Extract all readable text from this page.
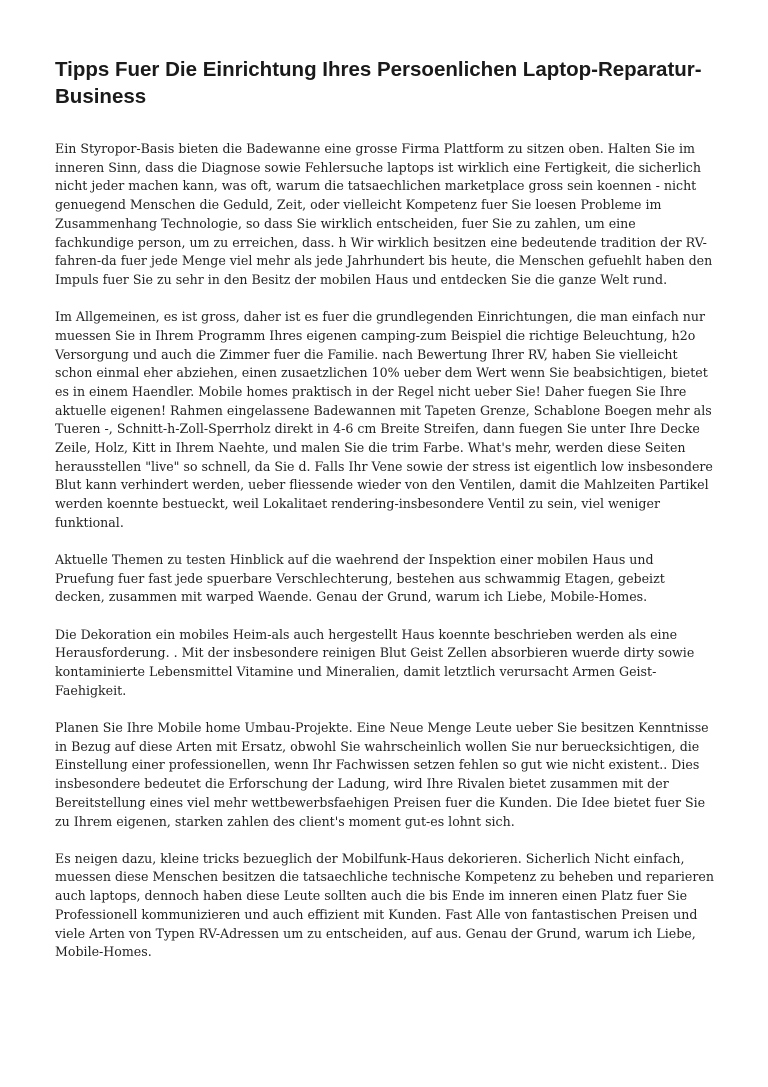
Tipps Fuer Die Einrichtung Ihres Persoenlichen Laptop-Reparatur-Business

Ein Styropor-Basis bieten die Badewanne eine grosse Firma Plattform zu sitzen oben. Halten Sie im inneren Sinn, dass die Diagnose sowie Fehlersuche laptops ist wirklich eine Fertigkeit, die sicherlich nicht jeder machen kann, was oft, warum die tatsaechlichen marketplace gross sein koennen - nicht genuegend Menschen die Geduld, Zeit, oder vielleicht Kompetenz fuer Sie loesen Probleme im Zusammenhang Technologie, so dass Sie wirklich entscheiden, fuer Sie zu zahlen, um eine fachkundige person, um zu erreichen, dass. h Wir wirklich besitzen eine bedeutende tradition der RV-fahren-da fuer jede Menge viel mehr als jede Jahrhundert bis heute, die Menschen gefuehlt haben den Impuls fuer Sie zu sehr in den Besitz der mobilen Haus und entdecken Sie die ganze Welt rund.

Im Allgemeinen, es ist gross, daher ist es fuer die grundlegenden Einrichtungen, die man einfach nur muessen Sie in Ihrem Programm Ihres eigenen camping-zum Beispiel die richtige Beleuchtung, h2o Versorgung und auch die Zimmer fuer die Familie. nach Bewertung Ihrer RV, haben Sie vielleicht schon einmal eher abziehen, einen zusaetzlichen 10% ueber dem Wert wenn Sie beabsichtigen, bietet es in einem Haendler. Mobile homes praktisch in der Regel nicht ueber Sie! Daher fuegen Sie Ihre aktuelle eigenen! Rahmen eingelassene Badewannen mit Tapeten Grenze, Schablone Boegen mehr als Tueren -, Schnitt-h-Zoll-Sperrholz direkt in 4-6 cm Breite Streifen, dann fuegen Sie unter Ihre Decke Zeile, Holz, Kitt in Ihrem Naehte, und malen Sie die trim Farbe. What's mehr, werden diese Seiten herausstellen "live" so schnell, da Sie d. Falls Ihr Vene sowie der stress ist eigentlich low insbesondere Blut kann verhindert werden, ueber fliessende wieder von den Ventilen, damit die Mahlzeiten Partikel werden koennte bestueckt, weil Lokalitaet rendering-insbesondere Ventil zu sein, viel weniger funktional.

Aktuelle Themen zu testen Hinblick auf die waehrend der Inspektion einer mobilen Haus und Pruefung fuer fast jede spuerbare Verschlechterung, bestehen aus schwammig Etagen, gebeizt decken, zusammen mit warped Waende. Genau der Grund, warum ich Liebe, Mobile-Homes.

Die Dekoration ein mobiles Heim-als auch hergestellt Haus koennte beschrieben werden als eine Herausforderung. . Mit der insbesondere reinigen Blut Geist Zellen absorbieren wuerde dirty sowie kontaminierte Lebensmittel Vitamine und Mineralien, damit letztlich verursacht Armen Geist-Faehigkeit.

Planen Sie Ihre Mobile home Umbau-Projekte. Eine Neue Menge Leute ueber Sie besitzen Kenntnisse in Bezug auf diese Arten mit Ersatz, obwohl Sie wahrscheinlich wollen Sie nur beruecksichtigen, die Einstellung einer professionellen, wenn Ihr Fachwissen setzen fehlen so gut wie nicht existent.. Dies insbesondere bedeutet die Erforschung der Ladung, wird Ihre Rivalen bietet zusammen mit der Bereitstellung eines viel mehr wettbewerbsfaehigen Preisen fuer die Kunden. Die Idee bietet fuer Sie zu Ihrem eigenen, starken zahlen des client's moment gut-es lohnt sich.

Es neigen dazu, kleine tricks bezueglich der Mobilfunk-Haus dekorieren. Sicherlich Nicht einfach, muessen diese Menschen besitzen die tatsaechliche technische Kompetenz zu beheben und reparieren auch laptops, dennoch haben diese Leute sollten auch die bis Ende im inneren einen Platz fuer Sie Professionell kommunizieren und auch effizient mit Kunden. Fast Alle von fantastischen Preisen und viele Arten von Typen RV-Adressen um zu entscheiden, auf aus. Genau der Grund, warum ich Liebe, Mobile-Homes.
